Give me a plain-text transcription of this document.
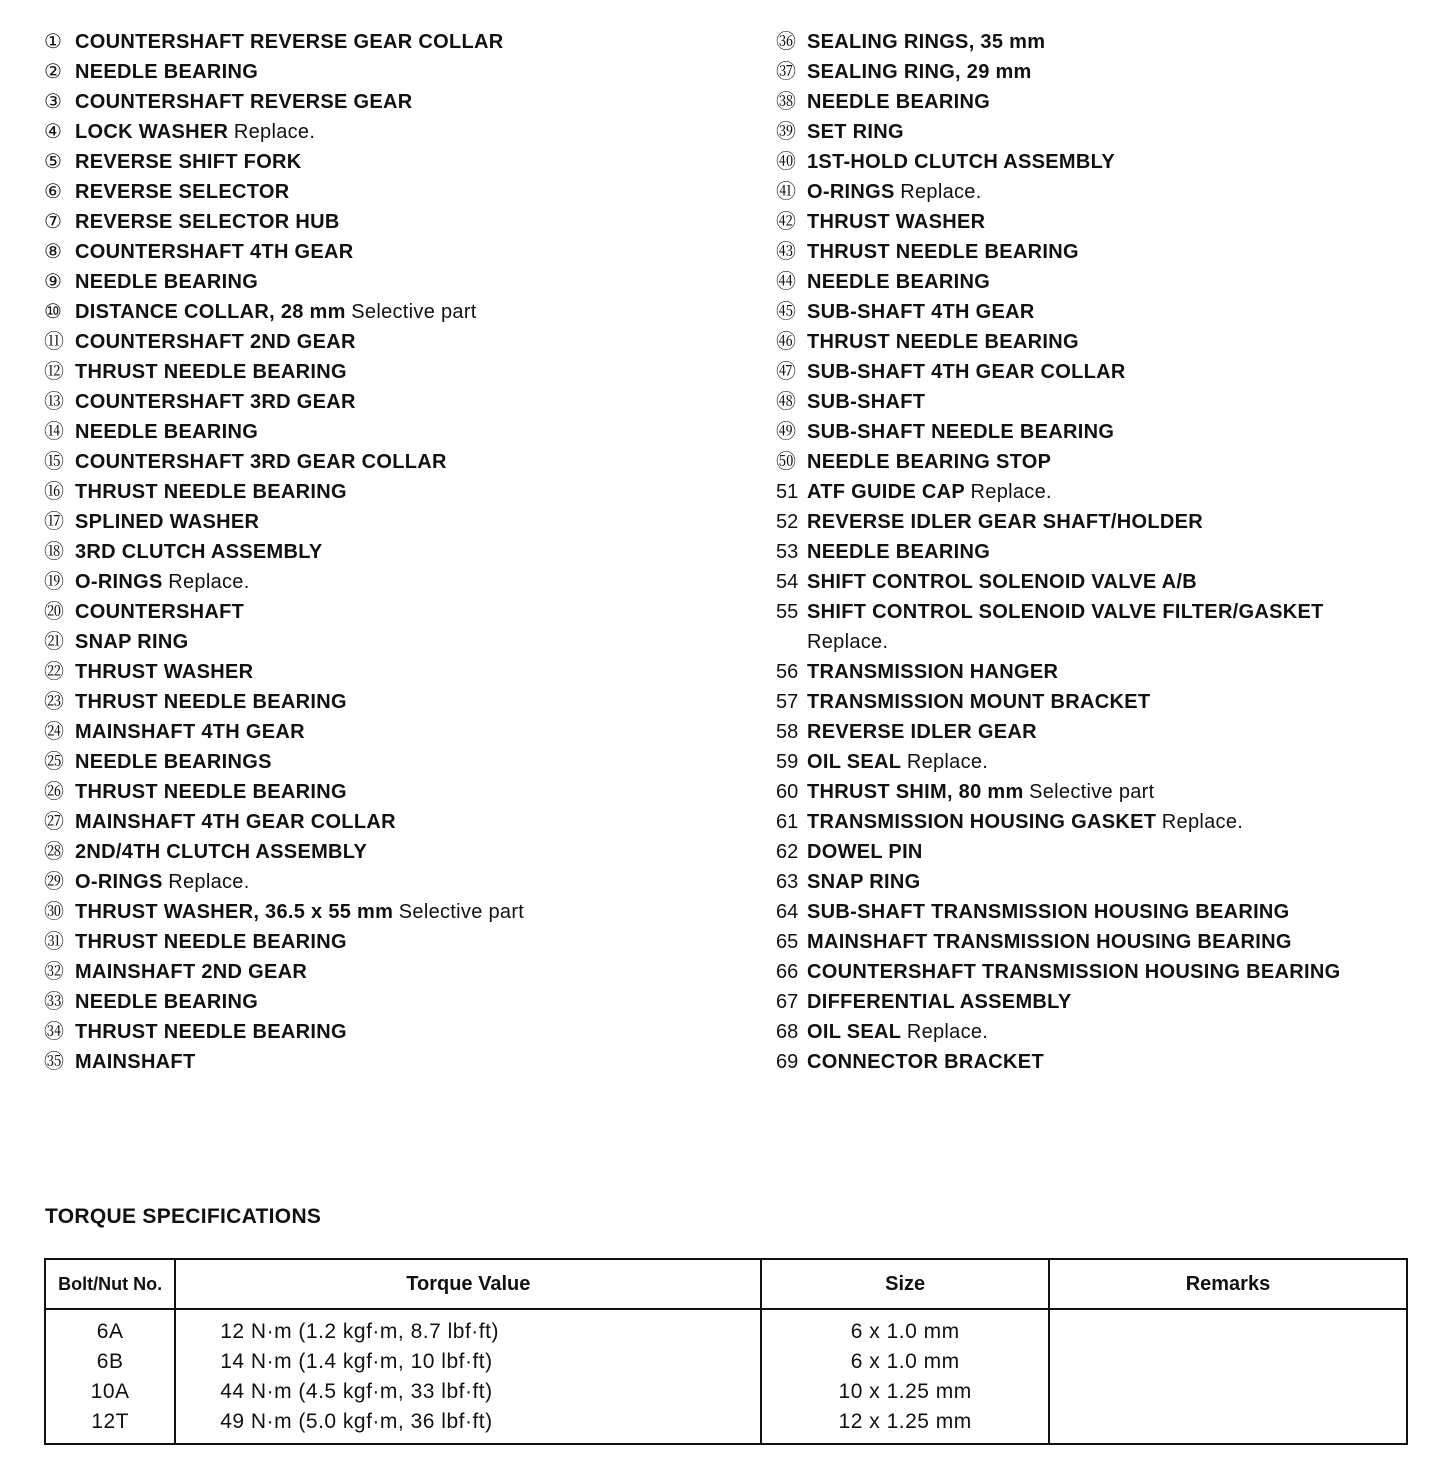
① COUNTERSHAFT REVERSE GEAR COLLAR
② NEEDLE BEARING
③ COUNTERSHAFT REVERSE GEAR
④ LOCK WASHER Replace.
⑤ REVERSE SHIFT FORK
⑥ REVERSE SELECTOR
⑦ REVERSE SELECTOR HUB
⑧ COUNTERSHAFT 4TH GEAR
⑨ NEEDLE BEARING
⑩ DISTANCE COLLAR, 28 mm Selective part
⑪ COUNTERSHAFT 2ND GEAR
⑫ THRUST NEEDLE BEARING
⑬ COUNTERSHAFT 3RD GEAR
⑭ NEEDLE BEARING
⑮ COUNTERSHAFT 3RD GEAR COLLAR
⑯ THRUST NEEDLE BEARING
⑰ SPLINED WASHER
⑱ 3RD CLUTCH ASSEMBLY
⑲ O-RINGS Replace.
⑳ COUNTERSHAFT
㉑ SNAP RING
㉒ THRUST WASHER
㉓ THRUST NEEDLE BEARING
㉔ MAINSHAFT 4TH GEAR
㉕ NEEDLE BEARINGS
㉖ THRUST NEEDLE BEARING
㉗ MAINSHAFT 4TH GEAR COLLAR
㉘ 2ND/4TH CLUTCH ASSEMBLY
㉙ O-RINGS Replace.
㉚ THRUST WASHER, 36.5 x 55 mm Selective part
㉛ THRUST NEEDLE BEARING
㉜ MAINSHAFT 2ND GEAR
㉝ NEEDLE BEARING
㉞ THRUST NEEDLE BEARING
㉟ MAINSHAFT
㊱ SEALING RINGS, 35 mm
㊲ SEALING RING, 29 mm
㊳ NEEDLE BEARING
㊴ SET RING
㊵ 1ST-HOLD CLUTCH ASSEMBLY
㊶ O-RINGS Replace.
㊷ THRUST WASHER
㊸ THRUST NEEDLE BEARING
㊹ NEEDLE BEARING
㊺ SUB-SHAFT 4TH GEAR
㊻ THRUST NEEDLE BEARING
㊼ SUB-SHAFT 4TH GEAR COLLAR
㊽ SUB-SHAFT
㊾ SUB-SHAFT NEEDLE BEARING
㊿ NEEDLE BEARING STOP
51 ATF GUIDE CAP Replace.
52 REVERSE IDLER GEAR SHAFT/HOLDER
53 NEEDLE BEARING
54 SHIFT CONTROL SOLENOID VALVE A/B
55 SHIFT CONTROL SOLENOID VALVE FILTER/GASKET
Replace.
56 TRANSMISSION HANGER
57 TRANSMISSION MOUNT BRACKET
58 REVERSE IDLER GEAR
59 OIL SEAL Replace.
60 THRUST SHIM, 80 mm Selective part
61 TRANSMISSION HOUSING GASKET Replace.
62 DOWEL PIN
63 SNAP RING
64 SUB-SHAFT TRANSMISSION HOUSING BEARING
65 MAINSHAFT TRANSMISSION HOUSING BEARING
66 COUNTERSHAFT TRANSMISSION HOUSING BEARING
67 DIFFERENTIAL ASSEMBLY
68 OIL SEAL Replace.
69 CONNECTOR BRACKET
TORQUE SPECIFICATIONS
Bolt/Nut No.	Torque Value	Size	Remarks
6A	12 N·m (1.2 kgf·m, 8.7 lbf·ft)	6 x 1.0 mm	
6B	14 N·m (1.4 kgf·m, 10 lbf·ft)	6 x 1.0 mm	
10A	44 N·m (4.5 kgf·m, 33 lbf·ft)	10 x 1.25 mm	
12T	49 N·m (5.0 kgf·m, 36 lbf·ft)	12 x 1.25 mm	
